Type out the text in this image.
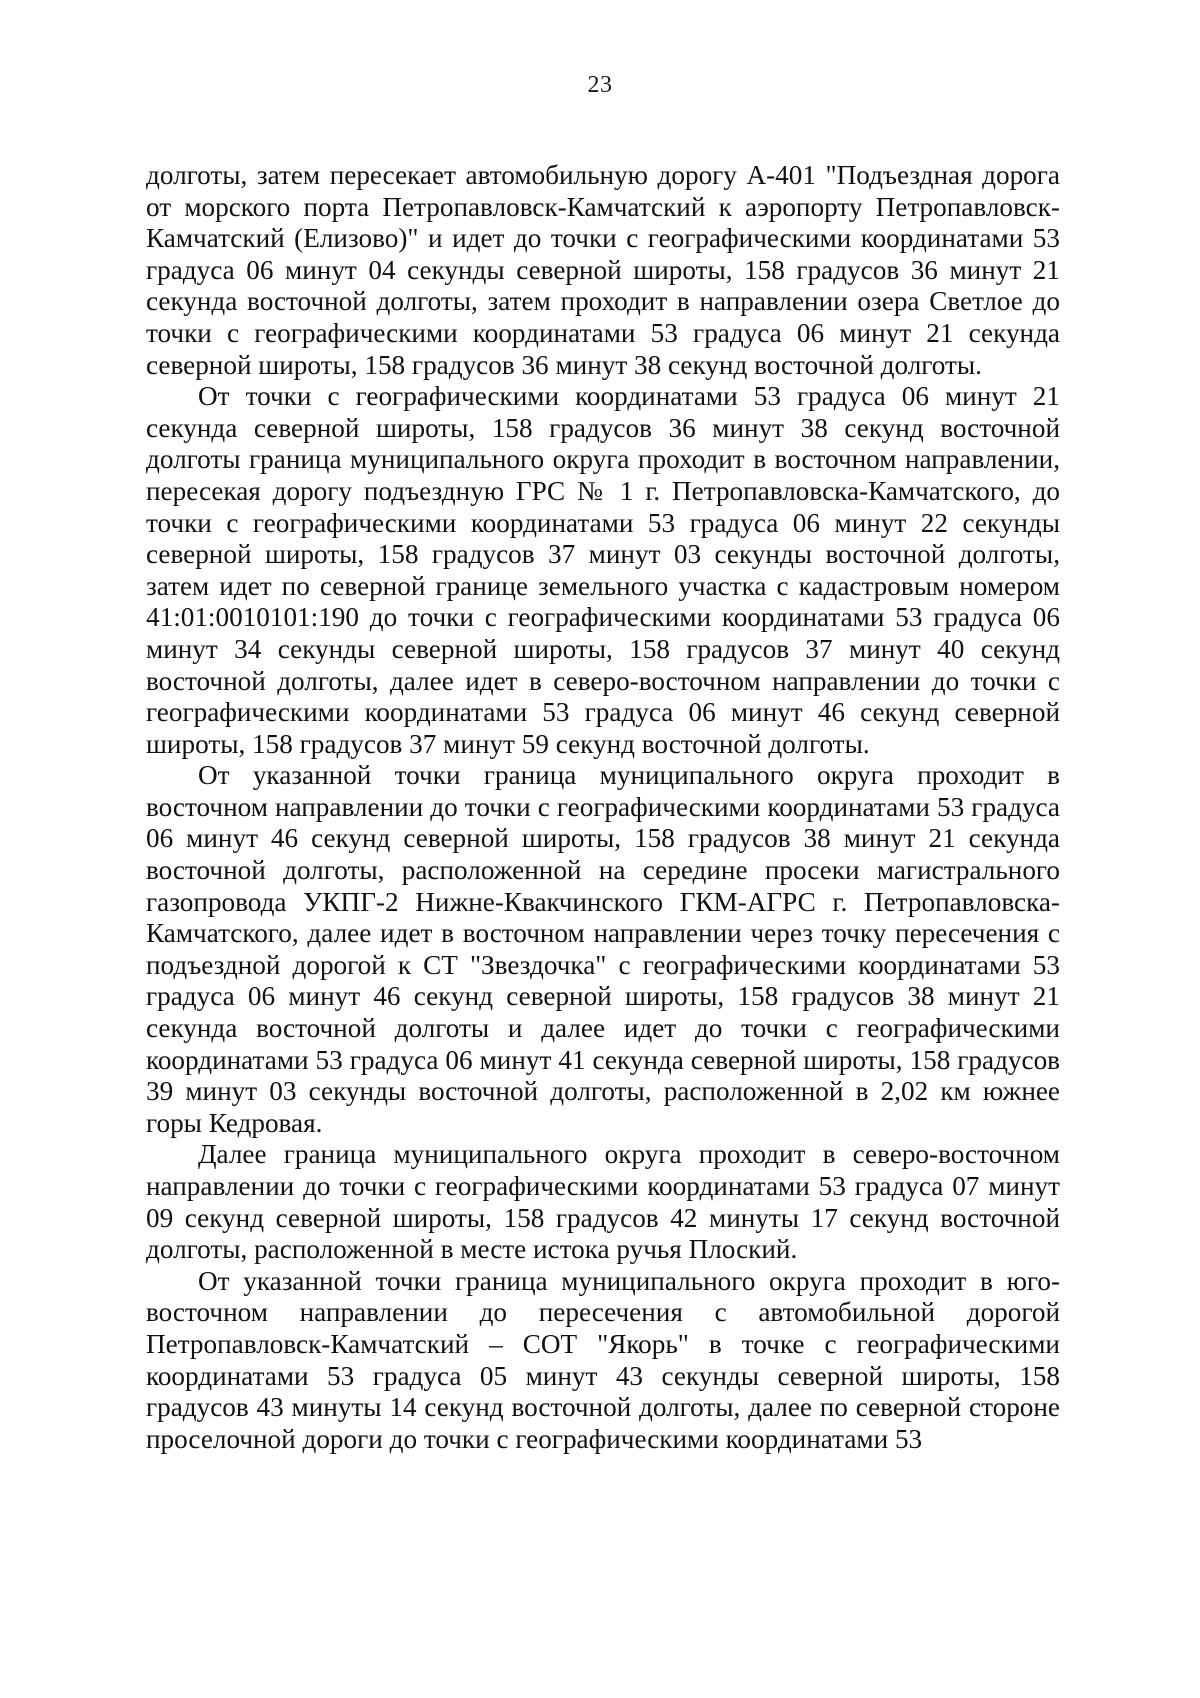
23

долготы, затем пересекает автомобильную дорогу А-401 "Подъездная дорога от морского порта Петропавловск-Камчатский к аэропорту Петропавловск-Камчатский (Елизово)" и идет до точки с географическими координатами 53 градуса 06 минут 04 секунды северной широты, 158 градусов 36 минут 21 секунда восточной долготы, затем проходит в направлении озера Светлое до точки с географическими координатами 53 градуса 06 минут 21 секунда северной широты, 158 градусов 36 минут 38 секунд восточной долготы.

От точки с географическими координатами 53 градуса 06 минут 21 секунда северной широты, 158 градусов 36 минут 38 секунд восточной долготы граница муниципального округа проходит в восточном направлении, пересекая дорогу подъездную ГРС № 1 г. Петропавловска-Камчатского, до точки с географическими координатами 53 градуса 06 минут 22 секунды северной широты, 158 градусов 37 минут 03 секунды восточной долготы, затем идет по северной границе земельного участка с кадастровым номером 41:01:0010101:190 до точки с географическими координатами 53 градуса 06 минут 34 секунды северной широты, 158 градусов 37 минут 40 секунд восточной долготы, далее идет в северо-восточном направлении до точки с географическими координатами 53 градуса 06 минут 46 секунд северной широты, 158 градусов 37 минут 59 секунд восточной долготы.

От указанной точки граница муниципального округа проходит в восточном направлении до точки с географическими координатами 53 градуса 06 минут 46 секунд северной широты, 158 градусов 38 минут 21 секунда восточной долготы, расположенной на середине просеки магистрального газопровода УКПГ-2 Нижне-Квакчинского ГКМ-АГРС г. Петропавловска-Камчатского, далее идет в восточном направлении через точку пересечения с подъездной дорогой к СТ "Звездочка" с географическими координатами 53 градуса 06 минут 46 секунд северной широты, 158 градусов 38 минут 21 секунда восточной долготы и далее идет до точки с географическими координатами 53 градуса 06 минут 41 секунда северной широты, 158 градусов 39 минут 03 секунды восточной долготы, расположенной в 2,02 км южнее горы Кедровая.

Далее граница муниципального округа проходит в северо-восточном направлении до точки с географическими координатами 53 градуса 07 минут 09 секунд северной широты, 158 градусов 42 минуты 17 секунд восточной долготы, расположенной в месте истока ручья Плоский.

От указанной точки граница муниципального округа проходит в юго-восточном направлении до пересечения с автомобильной дорогой Петропавловск-Камчатский – СОТ "Якорь" в точке с географическими координатами 53 градуса 05 минут 43 секунды северной широты, 158 градусов 43 минуты 14 секунд восточной долготы, далее по северной стороне проселочной дороги до точки с географическими координатами 53
